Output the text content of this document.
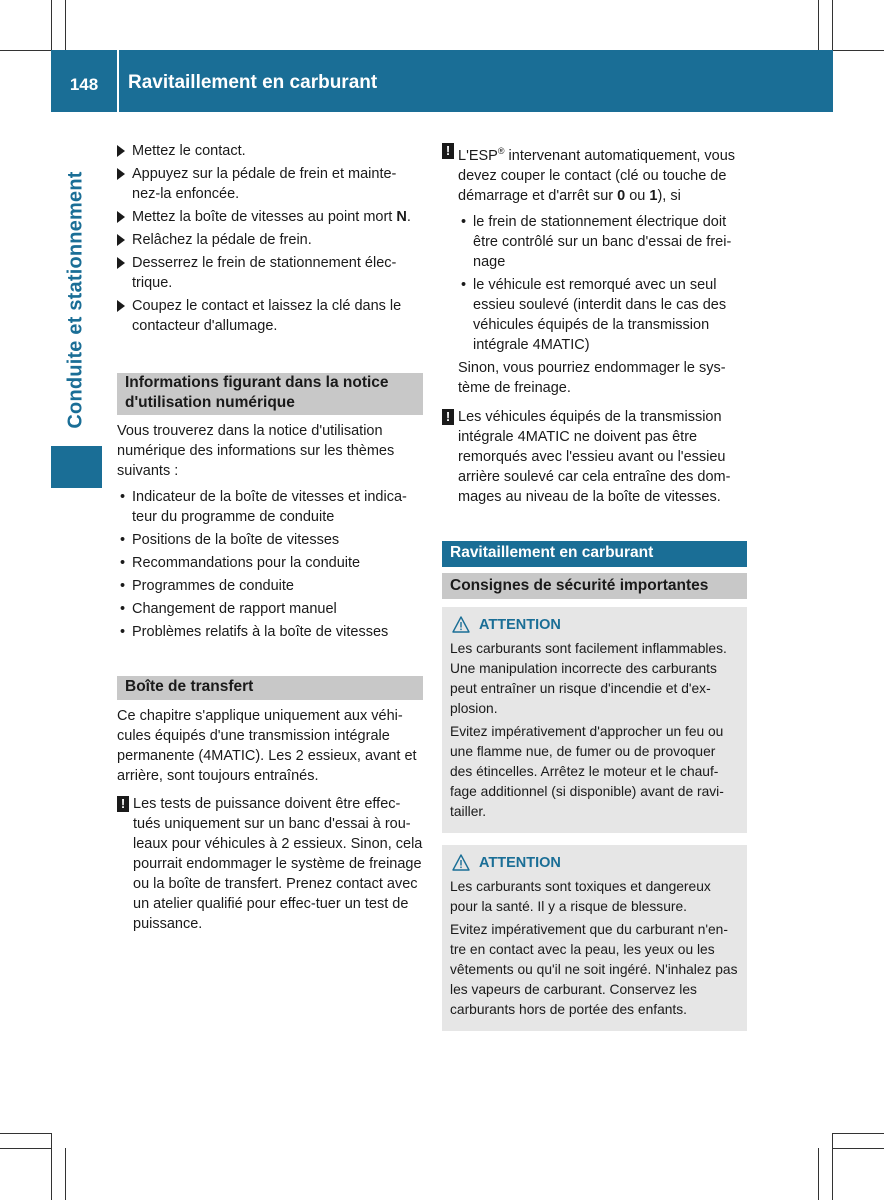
148	Ravitaillement en carburant
Conduite et stationnement
Mettez le contact.
Appuyez sur la pédale de frein et mainte-nez-la enfoncée.
Mettez la boîte de vitesses au point mort N.
Relâchez la pédale de frein.
Desserrez le frein de stationnement élec-trique.
Coupez le contact et laissez la clé dans le contacteur d'allumage.
Informations figurant dans la notice d'utilisation numérique

Vous trouverez dans la notice d'utilisation numérique des informations sur les thèmes suivants :

• Indicateur de la boîte de vitesses et indica-teur du programme de conduite
• Positions de la boîte de vitesses
• Recommandations pour la conduite
• Programmes de conduite
• Changement de rapport manuel
• Problèmes relatifs à la boîte de vitesses
Boîte de transfert

Ce chapitre s'applique uniquement aux véhi-cules équipés d'une transmission intégrale permanente (4MATIC). Les 2 essieux, avant et arrière, sont toujours entraînés.

! Les tests de puissance doivent être effec-tués uniquement sur un banc d'essai à rou-leaux pour véhicules à 2 essieux. Sinon, cela pourrait endommager le système de freinage ou la boîte de transfert. Prenez contact avec un atelier qualifié pour effec-tuer un test de puissance.
! L'ESP® intervenant automatiquement, vous devez couper le contact (clé ou touche de démarrage et d'arrêt sur 0 ou 1), si
• le frein de stationnement électrique doit être contrôlé sur un banc d'essai de frei-nage
• le véhicule est remorqué avec un seul essieu soulevé (interdit dans le cas des véhicules équipés de la transmission intégrale 4MATIC)

Sinon, vous pourriez endommager le sys-tème de freinage.

! Les véhicules équipés de la transmission intégrale 4MATIC ne doivent pas être remorqués avec l'essieu avant ou l'essieu arrière soulevé car cela entraîne des dom-mages au niveau de la boîte de vitesses.
Ravitaillement en carburant
Consignes de sécurité importantes
ATTENTION

Les carburants sont facilement inflammables. Une manipulation incorrecte des carburants peut entraîner un risque d'incendie et d'ex-plosion.

Evitez impérativement d'approcher un feu ou une flamme nue, de fumer ou de provoquer des étincelles. Arrêtez le moteur et le chauf-fage additionnel (si disponible) avant de ravi-tailler.

ATTENTION

Les carburants sont toxiques et dangereux pour la santé. Il y a risque de blessure.

Evitez impérativement que du carburant n'en-tre en contact avec la peau, les yeux ou les vêtements ou qu'il ne soit ingéré. N'inhalez pas les vapeurs de carburant. Conservez les carburants hors de portée des enfants.
